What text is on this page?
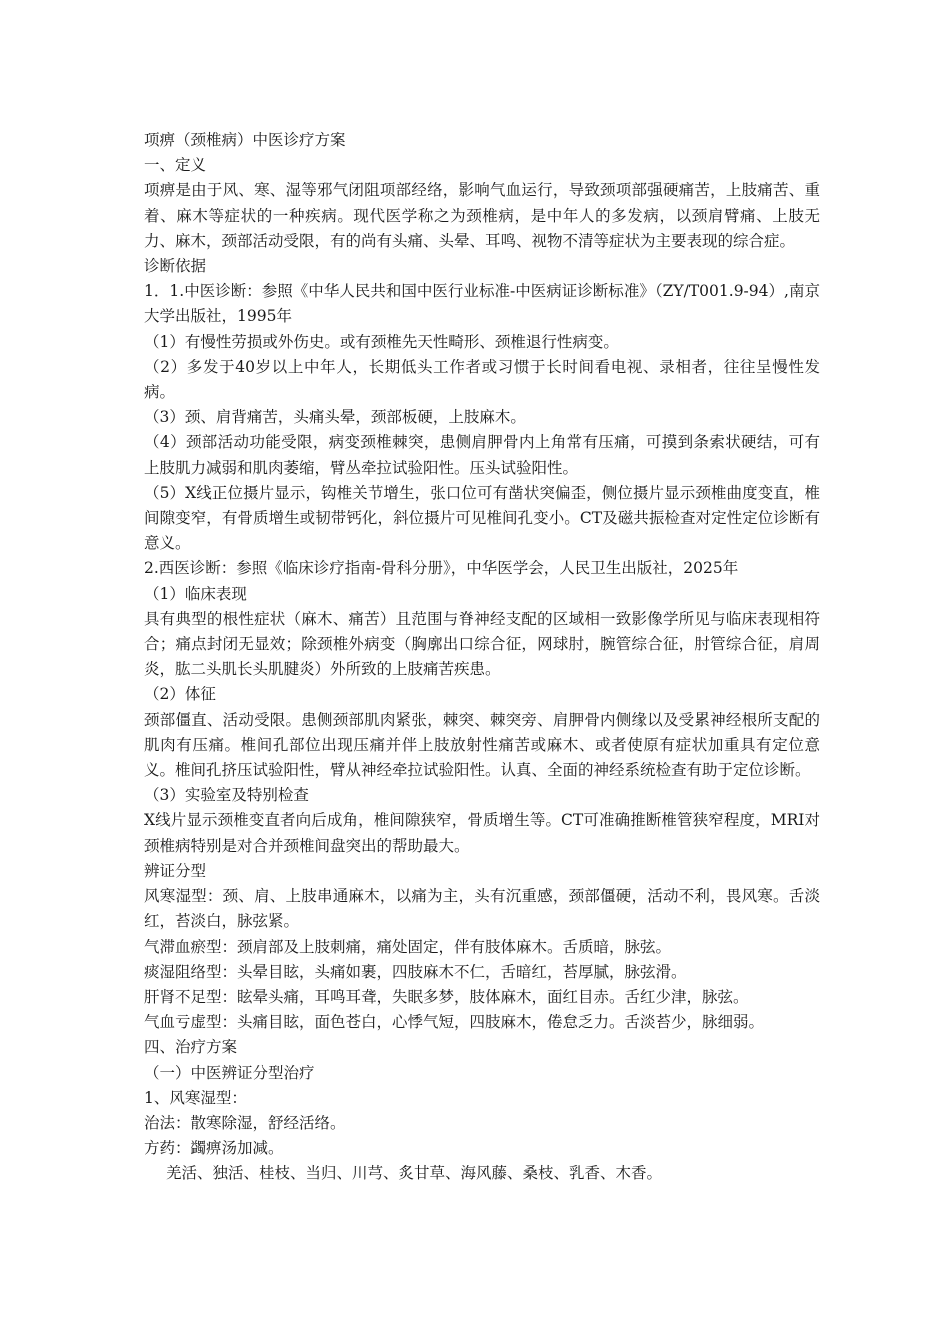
项痹（颈椎病）中医诊疗方案

一、定义

项痹是由于风、寒、湿等邪气闭阻项部经络，影响气血运行，导致颈项部强硬痛苦，上肢痛苦、重着、麻木等症状的一种疾病。现代医学称之为颈椎病，是中年人的多发病，以颈肩臂痛、上肢无力、麻木，颈部活动受限，有的尚有头痛、头晕、耳鸣、视物不清等症状为主要表现的综合症。

诊断依据

1．1.中医诊断：参照《中华人民共和国中医行业标准-中医病证诊断标准》（ZY/T001.9-94）,南京大学出版社，1995年

（1）有慢性劳损或外伤史。或有颈椎先天性畸形、颈椎退行性病变。

（2）多发于40岁以上中年人，长期低头工作者或习惯于长时间看电视、录相者，往往呈慢性发病。

（3）颈、肩背痛苦，头痛头晕，颈部板硬，上肢麻木。

（4）颈部活动功能受限，病变颈椎棘突，患侧肩胛骨内上角常有压痛，可摸到条索状硬结，可有上肢肌力减弱和肌肉萎缩，臂丛牵拉试验阳性。压头试验阳性。

（5）X线正位摄片显示，钩椎关节增生，张口位可有凿状突偏歪，侧位摄片显示颈椎曲度变直，椎间隙变窄，有骨质增生或韧带钙化，斜位摄片可见椎间孔变小。CT及磁共振检查对定性定位诊断有意义。

2.西医诊断：参照《临床诊疗指南-骨科分册》，中华医学会，人民卫生出版社，2025年

（1）临床表现

具有典型的根性症状（麻木、痛苦）且范围与脊神经支配的区域相一致影像学所见与临床表现相符合；痛点封闭无显效；除颈椎外病变（胸廓出口综合征，网球肘，腕管综合征，肘管综合征，肩周炎，肱二头肌长头肌腱炎）外所致的上肢痛苦疾患。

（2）体征

颈部僵直、活动受限。患侧颈部肌肉紧张，棘突、棘突旁、肩胛骨内侧缘以及受累神经根所支配的肌肉有压痛。椎间孔部位出现压痛并伴上肢放射性痛苦或麻木、或者使原有症状加重具有定位意义。椎间孔挤压试验阳性，臂从神经牵拉试验阳性。认真、全面的神经系统检查有助于定位诊断。

（3）实验室及特别检查

X线片显示颈椎变直者向后成角，椎间隙狭窄，骨质增生等。CT可准确推断椎管狭窄程度，MRI对颈椎病特别是对合并颈椎间盘突出的帮助最大。

辨证分型

风寒湿型：颈、肩、上肢串通麻木，以痛为主，头有沉重感，颈部僵硬，活动不利，畏风寒。舌淡红，苔淡白，脉弦紧。

气滞血瘀型：颈肩部及上肢刺痛，痛处固定，伴有肢体麻木。舌质暗，脉弦。

痰湿阻络型：头晕目眩，头痛如裹，四肢麻木不仁，舌暗红，苔厚腻，脉弦滑。

肝肾不足型：眩晕头痛，耳鸣耳聋，失眠多梦，肢体麻木，面红目赤。舌红少津，脉弦。

气血亏虚型：头痛目眩，面色苍白，心悸气短，四肢麻木，倦怠乏力。舌淡苔少，脉细弱。

四、治疗方案

（一）中医辨证分型治疗

1、风寒湿型：

治法：散寒除湿，舒经活络。

方药：蠲痹汤加减。

羌活、独活、桂枝、当归、川芎、炙甘草、海风藤、桑枝、乳香、木香。
